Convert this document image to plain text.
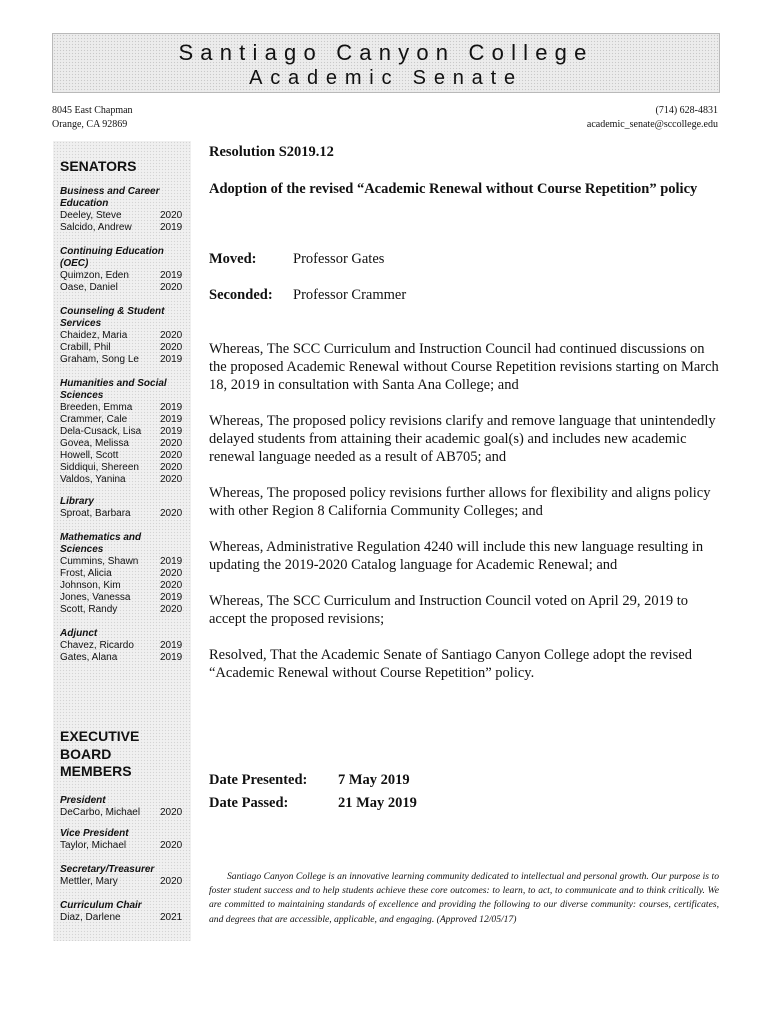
Santiago Canyon College
Academic Senate
8045 East Chapman
Orange, CA 92869
(714) 628-4831
academic_senate@sccollege.edu
SENATORS
Business and Career Education
Deeley, Steve	2020
Salcido, Andrew	2019
Continuing Education (OEC)
Quimzon, Eden	2019
Oase, Daniel	2020
Counseling & Student Services
Chaidez, Maria	2020
Crabill, Phil	2020
Graham, Song Le 2019
Humanities and Social Sciences
Breeden, Emma	2019
Crammer, Cale	2019
Dela-Cusack, Lisa 2019
Govea, Melissa	2020
Howell, Scott	2020
Siddiqui, Shereen 2020
Valdos, Yanina	2020
Library
Sproat, Barbara	2020
Mathematics and Sciences
Cummins, Shawn 2019
Frost, Alicia	2020
Johnson, Kim	2020
Jones, Vanessa	2019
Scott, Randy	2020
Adjunct
Chavez, Ricardo	2019
Gates, Alana	2019
EXECUTIVE
BOARD
MEMBERS
President
DeCarbo, Michael 2020
Vice President
Taylor, Michael	2020
Secretary/Treasurer
Mettler, Mary	2020
Curriculum Chair
Diaz, Darlene	2021
Resolution S2019.12
Adoption of the revised “Academic Renewal without Course Repetition” policy
Moved:	Professor Gates
Seconded: Professor Crammer

Whereas, The SCC Curriculum and Instruction Council had continued discussions on the proposed Academic Renewal without Course Repetition revisions starting on March 18, 2019 in consultation with Santa Ana College; and

Whereas, The proposed policy revisions clarify and remove language that unintendedly delayed students from attaining their academic goal(s) and includes new academic renewal language needed as a result of AB705; and

Whereas, The proposed policy revisions further allows for flexibility and aligns policy with other Region 8 California Community Colleges; and

Whereas, Administrative Regulation 4240 will include this new language resulting in updating the 2019-2020 Catalog language for Academic Renewal; and

Whereas, The SCC Curriculum and Instruction Council voted on April 29, 2019 to accept the proposed revisions;

Resolved, That the Academic Senate of Santiago Canyon College adopt the revised “Academic Renewal without Course Repetition” policy.

Date Presented: 7 May 2019
Date Passed:	21 May 2019
Santiago Canyon College is an innovative learning community dedicated to intellectual and personal growth. Our purpose is to foster student success and to help students achieve these core outcomes: to learn, to act, to communicate and to think critically. We are committed to maintaining standards of excellence and providing the following to our diverse community: courses, certificates, and degrees that are accessible, applicable, and engaging. (Approved 12/05/17)
